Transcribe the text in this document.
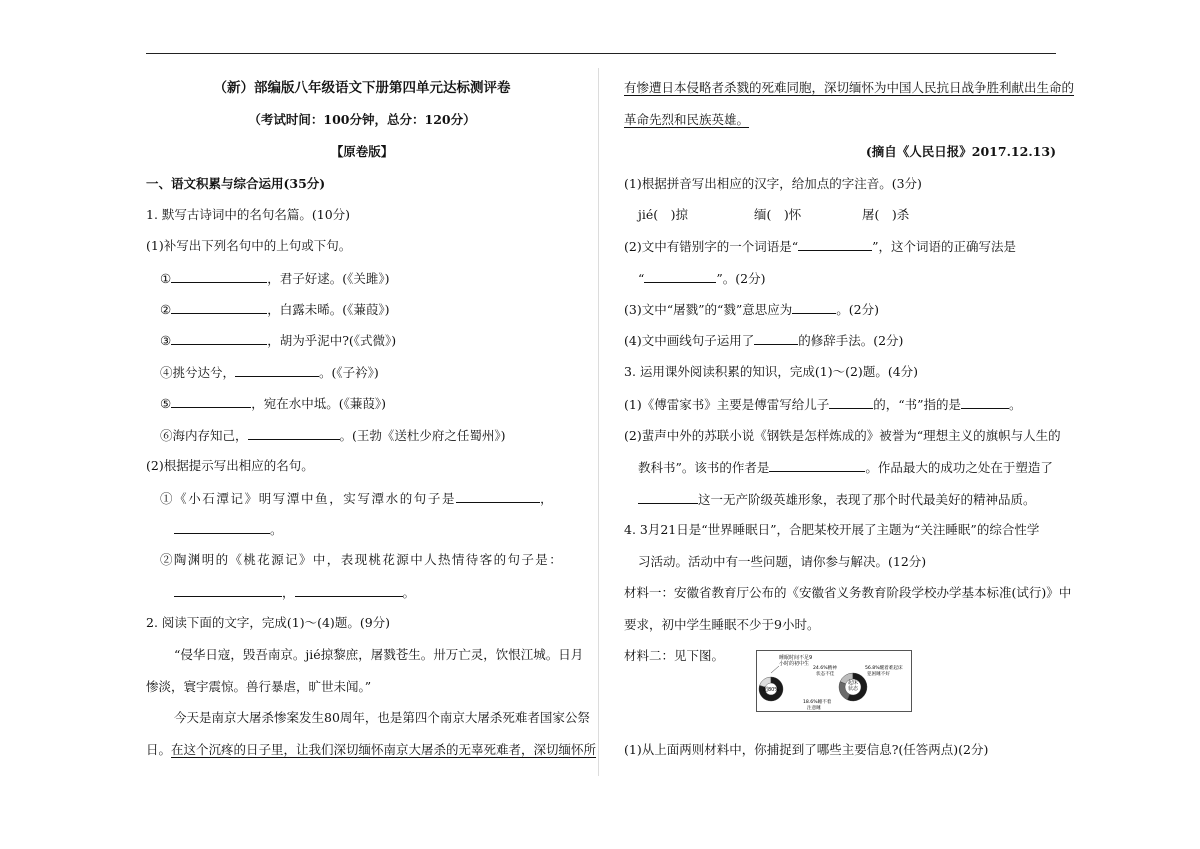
（新）部编版八年级语文下册第四单元达标测评卷
（考试时间：100分钟，总分：120分）
【原卷版】
一、语文积累与综合运用(35分)
1. 默写古诗词中的名句名篇。(10分)
(1)补写出下列名句中的上句或下句。
①	，君子好逑。(《关雎》)
②	，白露未晞。(《蒹葭》)
③	，胡为乎泥中?(《式微》)
④挑兮达兮，	。(《子衿》)
⑤	，宛在水中坻。(《蒹葭》)
⑥海内存知己，	。(王勃《送杜少府之任蜀州》)
(2)根据提示写出相应的名句。
①《小石潭记》明写潭中鱼，实写潭水的句子是	，
。
②陶渊明的《桃花源记》中，表现桃花源中人热情待客的句子是：
，	。
2. 阅读下面的文字，完成(1)～(4)题。(9分)
“侵华日寇，毁吾南京。jié掠黎庶，屠戮苍生。卅万亡灵，饮恨江城。日月
惨淡，寰宇震惊。兽行暴虐，旷世未闻。”
今天是南京大屠杀惨案发生80周年，也是第四个南京大屠杀死难者国家公祭
日。在这个沉疼的日子里，让我们深切缅怀南京大屠杀的无辜死难者，深切缅怀所
有惨遭日本侵略者杀戮的死难同胞，深切缅怀为中国人民抗日战争胜利献出生命的
革命先烈和民族英雄。
(摘自《人民日报》2017.12.13)
(1)根据拼音写出相应的汉字，给加点的字注音。(3分)
jié(　)掠	缅(　)怀	屠(　)杀
(2)文中有错别字的一个词语是“	”，这个词语的正确写法是
“	”。(2分)
(3)文中“屠戮”的“戮”意思应为	。(2分)
(4)文中画线句子运用了	的修辞手法。(2分)
3. 运用课外阅读积累的知识，完成(1)～(2)题。(4分)
(1)《傅雷家书》主要是傅雷写给儿子	的，“书”指的是	。
(2)蜚声中外的苏联小说《钢铁是怎样炼成的》被誉为“理想主义的旗帜与人生的
教科书”。该书的作者是	。作品最大的成功之处在于塑造了
这一无产阶级英雄形象，表现了那个时代最美好的精神品质。
4. 3月21日是“世界睡眠日”，合肥某校开展了主题为“关注睡眠”的综合性学
习活动。活动中有一些问题，请你参与解决。(12分)
材料一：安徽省教育厅公布的《安徽省义务教育阶段学校办学基本标准(试行)》中
要求，初中学生睡眠不少于9小时。
材料二：见下图。
(1)从上面两则材料中，你捕捉到了哪些主要信息?(任答两点)(2分)
睡眠时间不足9
小时的初中生
超80%
24.6%精神
状态不佳
56.8%醒着难起床
犯困睡不好
18.6%睡不着
注意睡
起床
状态
